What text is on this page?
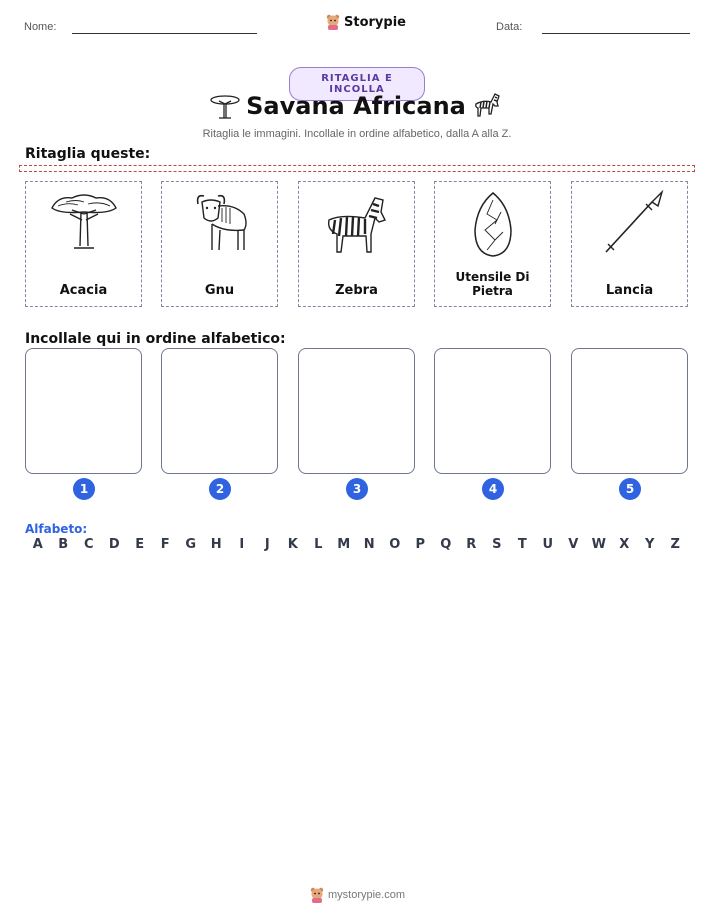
Nome:	Storypie	Data:
RITAGLIA E INCOLLA
Savana Africana
Ritaglia le immagini. Incollale in ordine alfabetico, dalla A alla Z.
Ritaglia queste:
Acacia	Gnu	Zebra
Utensile Di Pietra	Lancia
Incollale qui in ordine alfabetico:
1	2	3	4	5
Alfabeto:
A	B	C	D	E	F	G	H	I	J	K	L	M	N	O	P	Q	R	S	T	U	V	W	X	Y	Z
mystorypie.com
